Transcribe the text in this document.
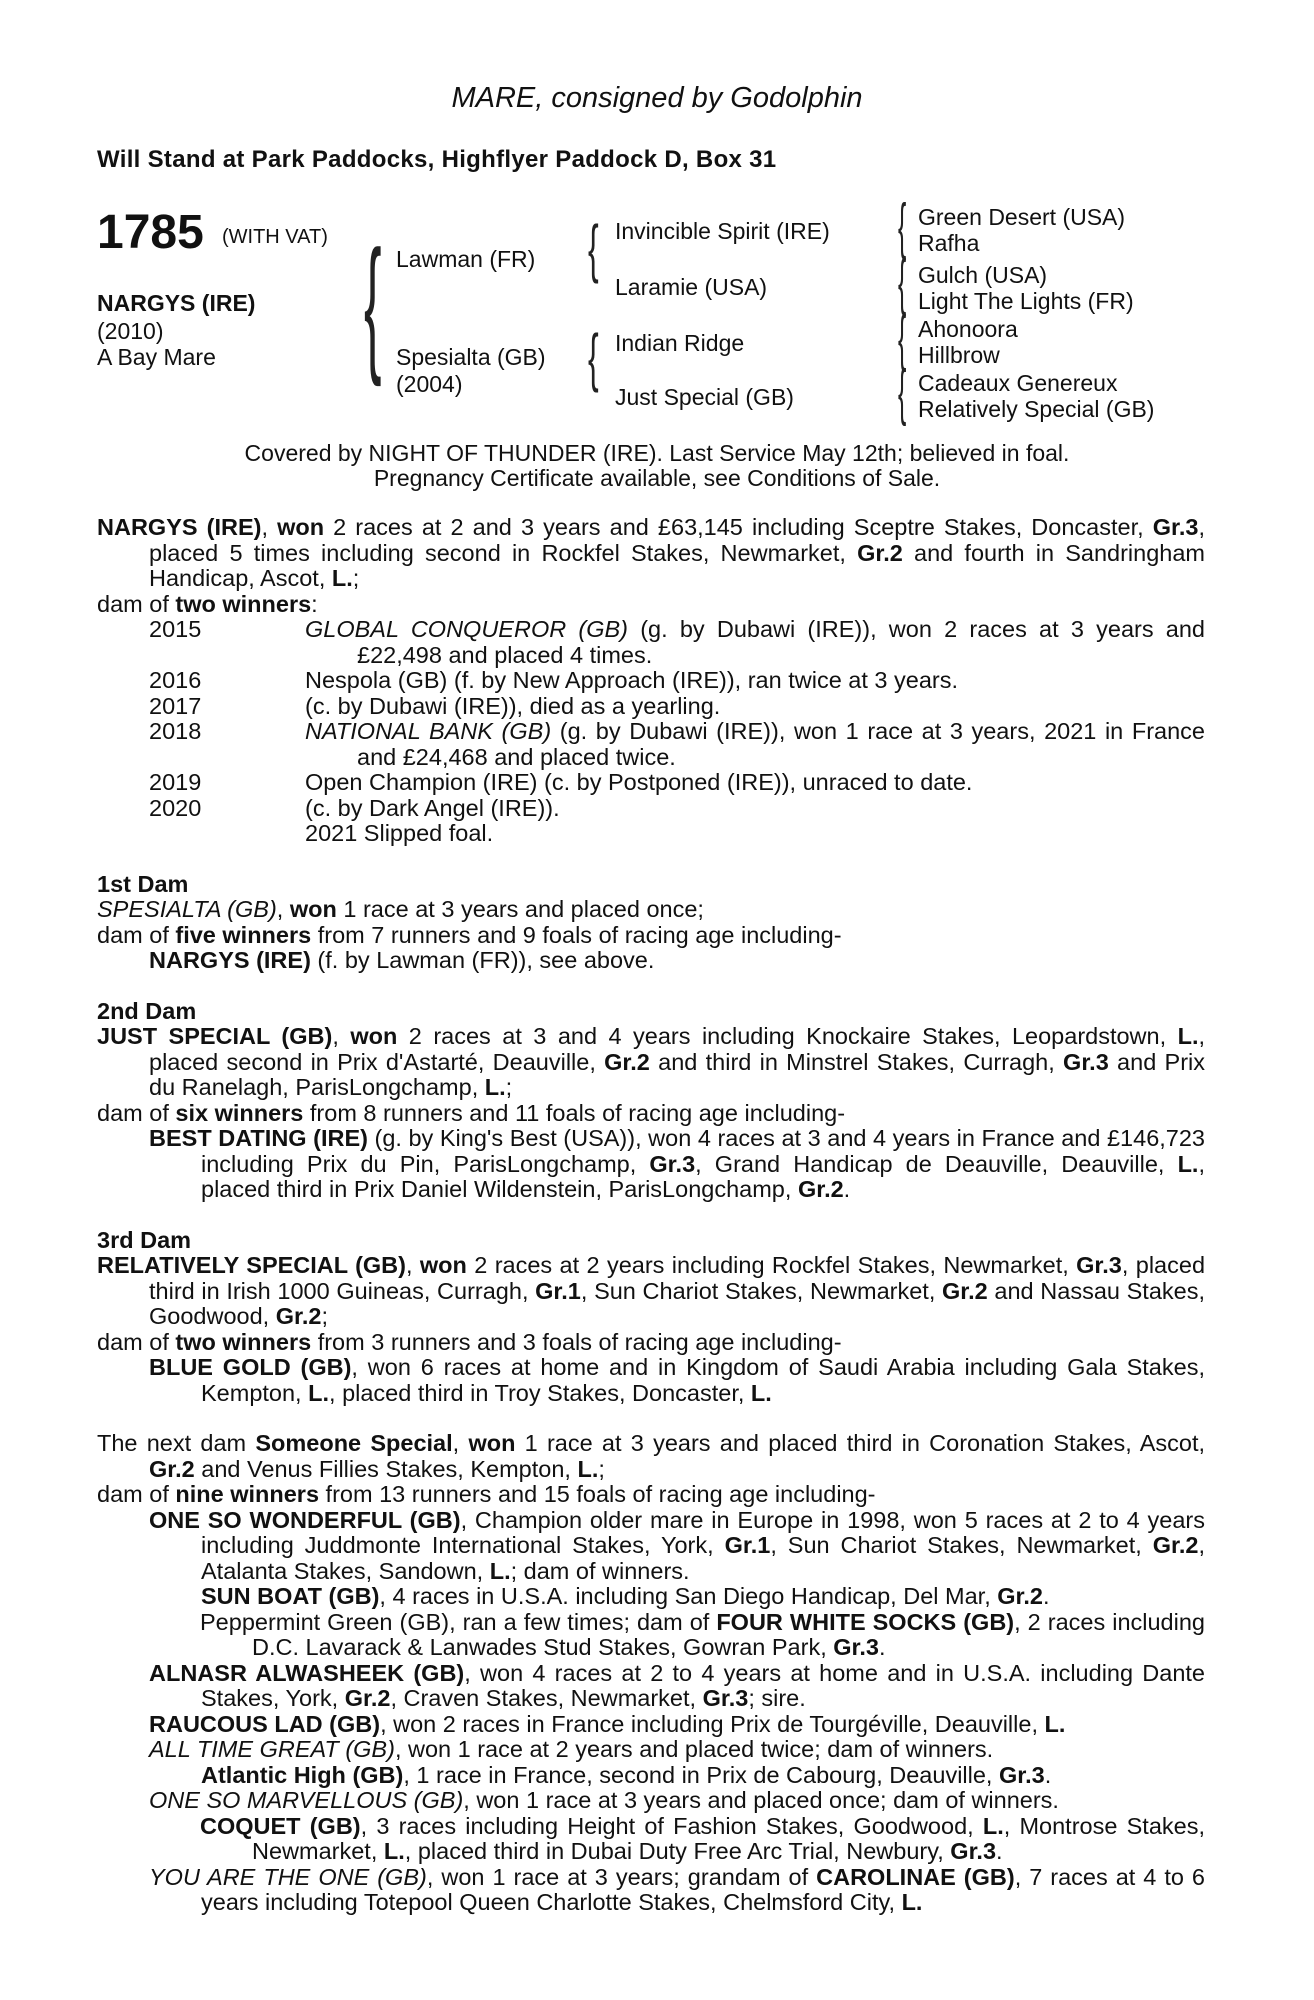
MARE, consigned by Godolphin
Will Stand at Park Paddocks, Highflyer Paddock D, Box 31
1785 (WITH VAT)
NARGYS (IRE)
(2010)
A Bay Mare { Lawman (FR)
Spesialta (GB)
(2004)
{ Invincible Spirit (IRE)
Laramie (USA)
{ Indian Ridge
Just Special (GB)
{ Green Desert (USA)
Rafha
{ Gulch (USA)
Light The Lights (FR)
{ Ahonoora
Hillbrow
{ Cadeaux Genereux
Relatively Special (GB)
Covered by NIGHT OF THUNDER (IRE). Last Service May 12th; believed in foal.
Pregnancy Certificate available, see Conditions of Sale.

NARGYS (IRE), won 2 races at 2 and 3 years and £63,145 including Sceptre Stakes, Doncaster, Gr.3, placed 5 times including second in Rockfel Stakes, Newmarket, Gr.2 and fourth in Sandringham Handicap, Ascot, L.;

dam of two winners:

2015	GLOBAL CONQUEROR (GB) (g. by Dubawi (IRE)), won 2 races at 3 years and £22,498 and placed 4 times.
2016	Nespola (GB) (f. by New Approach (IRE)), ran twice at 3 years.
2017	(c. by Dubawi (IRE)), died as a yearling.
2018	NATIONAL BANK (GB) (g. by Dubawi (IRE)), won 1 race at 3 years, 2021 in France and £24,468 and placed twice.
2019	Open Champion (IRE) (c. by Postponed (IRE)), unraced to date.
2020	(c. by Dark Angel (IRE)).
2021 Slipped foal.

1st Dam

SPESIALTA (GB), won 1 race at 3 years and placed once;

dam of five winners from 7 runners and 9 foals of racing age including-

NARGYS (IRE) (f. by Lawman (FR)), see above.

2nd Dam

JUST SPECIAL (GB), won 2 races at 3 and 4 years including Knockaire Stakes, Leopardstown, L., placed second in Prix d'Astarté, Deauville, Gr.2 and third in Minstrel Stakes, Curragh, Gr.3 and Prix du Ranelagh, ParisLongchamp, L.;

dam of six winners from 8 runners and 11 foals of racing age including-

BEST DATING (IRE) (g. by King's Best (USA)), won 4 races at 3 and 4 years in France and £146,723 including Prix du Pin, ParisLongchamp, Gr.3, Grand Handicap de Deauville, Deauville, L., placed third in Prix Daniel Wildenstein, ParisLongchamp, Gr.2.

3rd Dam

RELATIVELY SPECIAL (GB), won 2 races at 2 years including Rockfel Stakes, Newmarket, Gr.3, placed third in Irish 1000 Guineas, Curragh, Gr.1, Sun Chariot Stakes, Newmarket, Gr.2 and Nassau Stakes, Goodwood, Gr.2;

dam of two winners from 3 runners and 3 foals of racing age including-

BLUE GOLD (GB), won 6 races at home and in Kingdom of Saudi Arabia including Gala Stakes, Kempton, L., placed third in Troy Stakes, Doncaster, L.

The next dam Someone Special, won 1 race at 3 years and placed third in Coronation Stakes, Ascot, Gr.2 and Venus Fillies Stakes, Kempton, L.;

dam of nine winners from 13 runners and 15 foals of racing age including-

ONE SO WONDERFUL (GB), Champion older mare in Europe in 1998, won 5 races at 2 to 4 years including Juddmonte International Stakes, York, Gr.1, Sun Chariot Stakes, Newmarket, Gr.2, Atalanta Stakes, Sandown, L.; dam of winners.

SUN BOAT (GB), 4 races in U.S.A. including San Diego Handicap, Del Mar, Gr.2.

Peppermint Green (GB), ran a few times; dam of FOUR WHITE SOCKS (GB), 2 races including D.C. Lavarack & Lanwades Stud Stakes, Gowran Park, Gr.3.

ALNASR ALWASHEEK (GB), won 4 races at 2 to 4 years at home and in U.S.A. including Dante Stakes, York, Gr.2, Craven Stakes, Newmarket, Gr.3; sire.

RAUCOUS LAD (GB), won 2 races in France including Prix de Tourgéville, Deauville, L.

ALL TIME GREAT (GB), won 1 race at 2 years and placed twice; dam of winners.

Atlantic High (GB), 1 race in France, second in Prix de Cabourg, Deauville, Gr.3.

ONE SO MARVELLOUS (GB), won 1 race at 3 years and placed once; dam of winners.

COQUET (GB), 3 races including Height of Fashion Stakes, Goodwood, L., Montrose Stakes, Newmarket, L., placed third in Dubai Duty Free Arc Trial, Newbury, Gr.3.

YOU ARE THE ONE (GB), won 1 race at 3 years; grandam of CAROLINAE (GB), 7 races at 4 to 6 years including Totepool Queen Charlotte Stakes, Chelmsford City, L.
